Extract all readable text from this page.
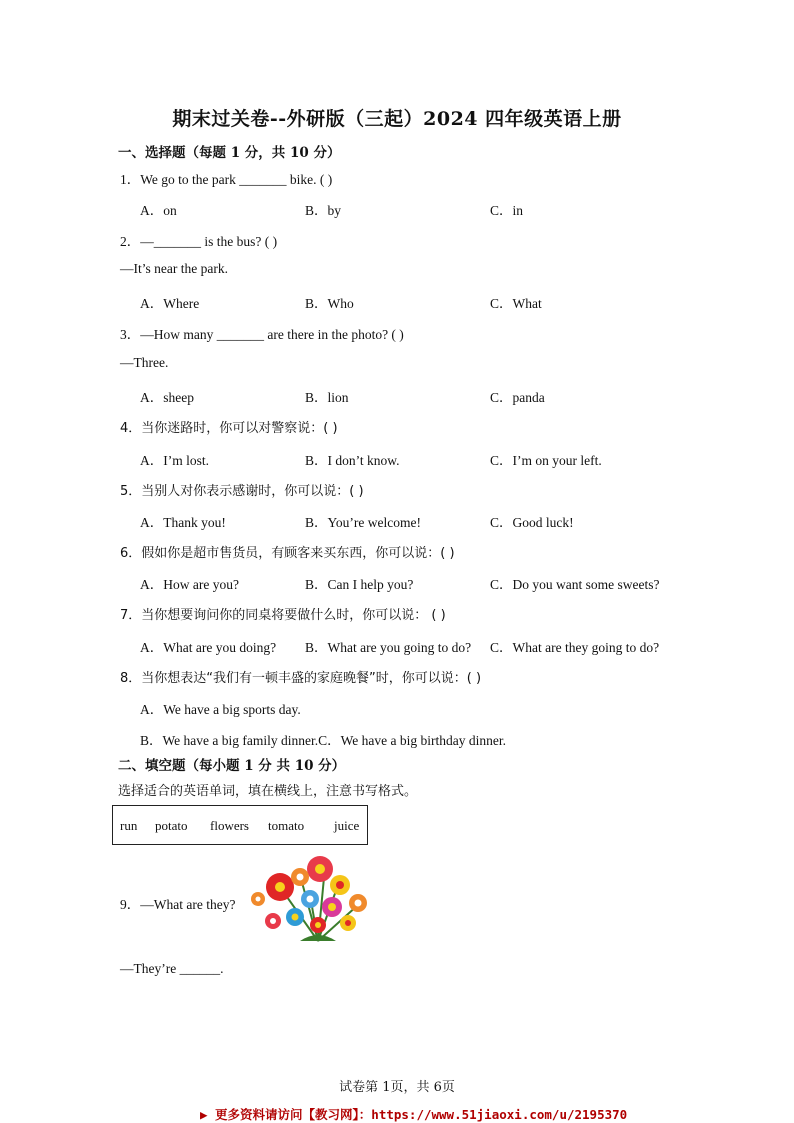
期末过关卷--外研版（三起）2024 四年级英语上册
一、选择题（每题 1 分，共 10 分）
1．We go to the park _______ bike. ( )
A．on	B．by	C．in
2．—_______ is the bus? ( )
—It’s near the park.
A．Where	B．Who	C．What
3．—How many _______ are there in the photo? ( )
—Three.
A．sheep	B．lion	C．panda
4．当你迷路时，你可以对警察说：( )
A．I’m lost.	B．I don’t know.	C．I’m on your left.
5．当别人对你表示感谢时，你可以说：( )
A．Thank you!	B．You’re welcome!	C．Good luck!
6．假如你是超市售货员，有顾客来买东西，你可以说：( )
A．How are you?	B．Can I help you?	C．Do you want some sweets?
7．当你想要询问你的同桌将要做什么时，你可以说： ( )
A．What are you doing? B．What are you going to do? C．What are they going to do?
8．当你想表达“我们有一顿丰盛的家庭晚餐”时，你可以说：( )
A．We have a big sports day.
B．We have a big family dinner.C．We have a big birthday dinner.
二、填空题（每小题 1 分 共 10 分）
选择适合的英语单词，填在横线上，注意书写格式。
run potato flowers tomato juice
9．—What are they?
—They’re ______.
试卷第 1页，共 6页
▶ 更多资料请访问【教习网】：https://www.51jiaoxi.com/u/2195370
